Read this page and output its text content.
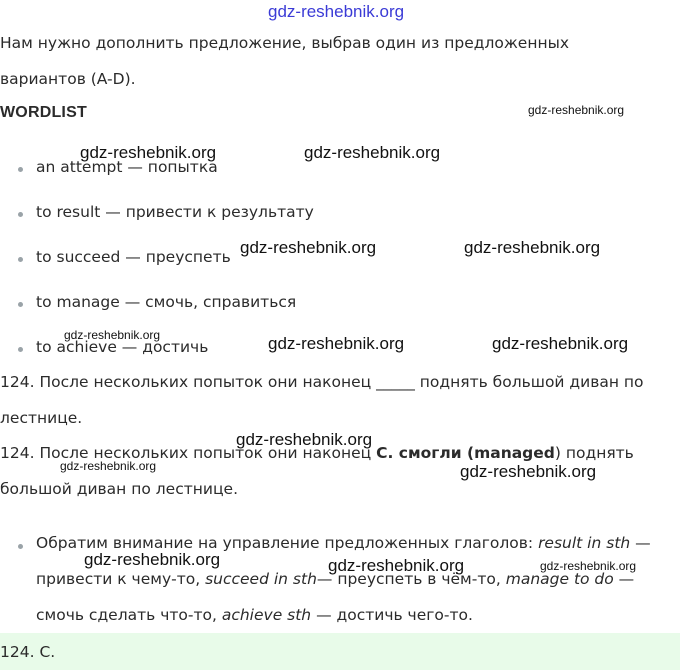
gdz-reshebnik.org
Нам нужно дополнить предложение, выбрав один из предложенных
вариантов (A-D).
WORDLIST
an attempt — попытка
to result — привести к результату
to succeed — преуспеть
to manage — смочь, справиться
to achieve — достичь
124. После нескольких попыток они наконец _____ поднять большой диван по
лестнице.
124. После нескольких попыток они наконец C. смогли (managed) поднять
большой диван по лестнице.
Обратим внимание на управление предложенных глаголов: result in sth —
привести к чему-то, succeed in sth— преуспеть в чём-то, manage to do —
смочь сделать что-то, achieve sth — достичь чего-то.
124. C.
gdz-reshebnik.org
gdz-reshebnik.org	gdz-reshebnik.org
gdz-reshebnik.org	gdz-reshebnik.org
gdz-reshebnik.org	gdz-reshebnik.org	gdz-reshebnik.org
gdz-reshebnik.org
gdz-reshebnik.org	gdz-reshebnik.org
gdz-reshebnik.org	gdz-reshebnik.org	gdz-reshebnik.org
